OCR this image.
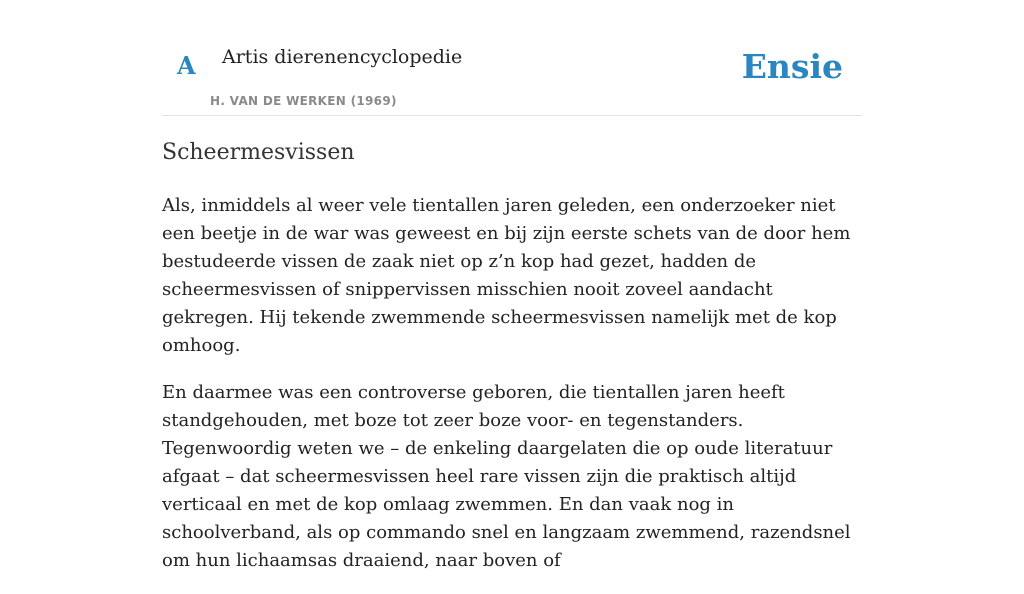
A Artis dierenencyclopedie
H. VAN DE WERKEN (1969)
Ensie
Scheermesvissen

Als, inmiddels al weer vele tientallen jaren geleden, een onderzoeker niet een beetje in de war was geweest en bij zijn eerste schets van de door hem bestudeerde vissen de zaak niet op z’n kop had gezet, hadden de scheermesvissen of snippervissen misschien nooit zoveel aandacht gekregen. Hij tekende zwemmende scheermesvissen namelijk met de kop omhoog.

En daarmee was een controverse geboren, die tientallen jaren heeft standgehouden, met boze tot zeer boze voor- en tegenstanders. Tegenwoordig weten we – de enkeling daargelaten die op oude literatuur afgaat – dat scheermesvissen heel rare vissen zijn die praktisch altijd verticaal en met de kop omlaag zwemmen. En dan vaak nog in schoolverband, als op commando snel en langzaam zwemmend, razendsnel om hun lichaamsas draaiend, naar boven of
